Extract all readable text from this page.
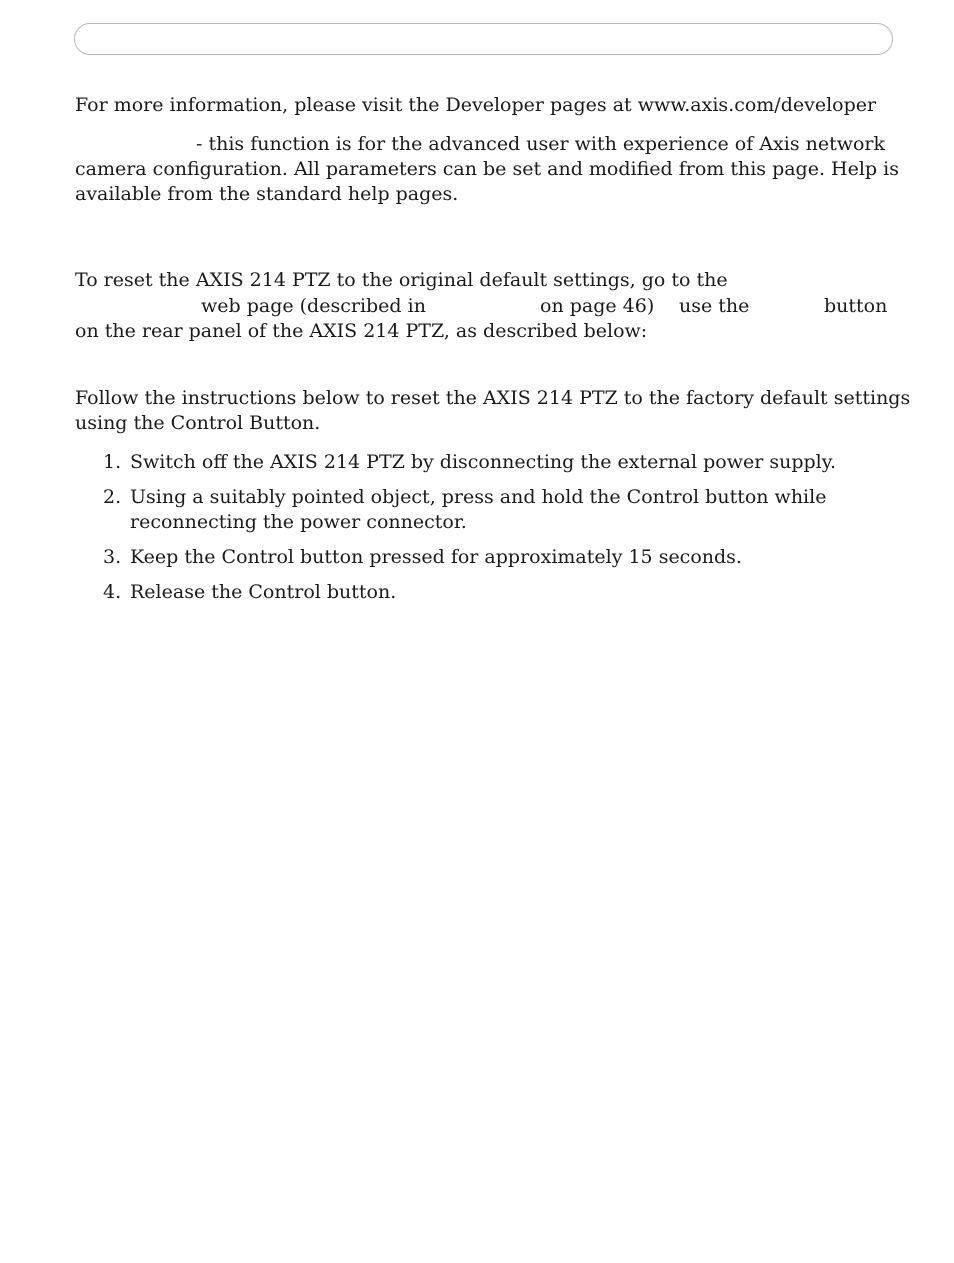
For more information, please visit the Developer pages at www.axis.com/developer
- this function is for the advanced user with experience of Axis network
camera configuration. All parameters can be set and modified from this page. Help is
available from the standard help pages.
To reset the AXIS 214 PTZ to the original default settings, go to the
web page (described in	on page 46) use the	button
on the rear panel of the AXIS 214 PTZ, as described below:
Follow the instructions below to reset the AXIS 214 PTZ to the factory default settings
using the Control Button.
1. Switch off the AXIS 214 PTZ by disconnecting the external power supply.
2. Using a suitably pointed object, press and hold the Control button while reconnecting the power connector.
3. Keep the Control button pressed for approximately 15 seconds.
4. Release the Control button.
